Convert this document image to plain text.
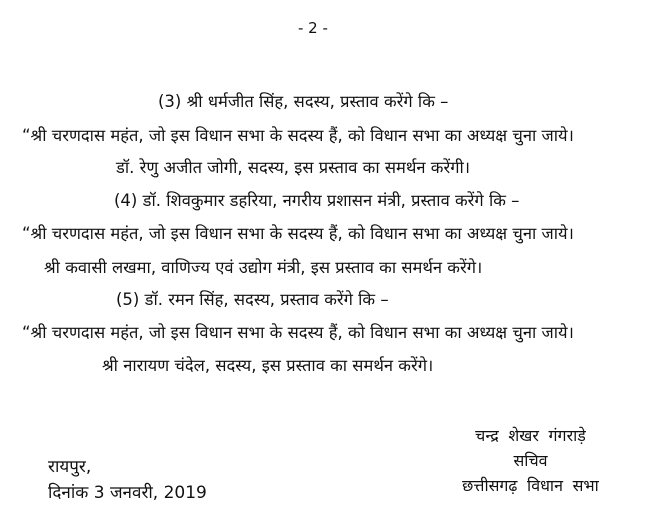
- 2 -
(3) श्री धर्मजीत सिंह, सदस्य, प्रस्ताव करेंगे कि –
“श्री चरणदास महंत, जो इस विधान सभा के सदस्य हैं, को विधान सभा का अध्यक्ष चुना जाये।
डॉ. रेणु अजीत जोगी, सदस्य, इस प्रस्ताव का समर्थन करेंगी।
(4) डॉ. शिवकुमार डहरिया, नगरीय प्रशासन मंत्री, प्रस्ताव करेंगे कि –
“श्री चरणदास महंत, जो इस विधान सभा के सदस्य हैं, को विधान सभा का अध्यक्ष चुना जाये।
श्री कवासी लखमा, वाणिज्य एवं उद्योग मंत्री, इस प्रस्ताव का समर्थन करेंगे।
(5) डॉ. रमन सिंह, सदस्य, प्रस्ताव करेंगे कि –
“श्री चरणदास महंत, जो इस विधान सभा के सदस्य हैं, को विधान सभा का अध्यक्ष चुना जाये।
श्री नारायण चंदेल, सदस्य, इस प्रस्ताव का समर्थन करेंगे।
रायपुर,
दिनांक 3 जनवरी, 2019
चन्द्र शेखर गंगराड़े
सचिव
छत्तीसगढ़ विधान सभा
